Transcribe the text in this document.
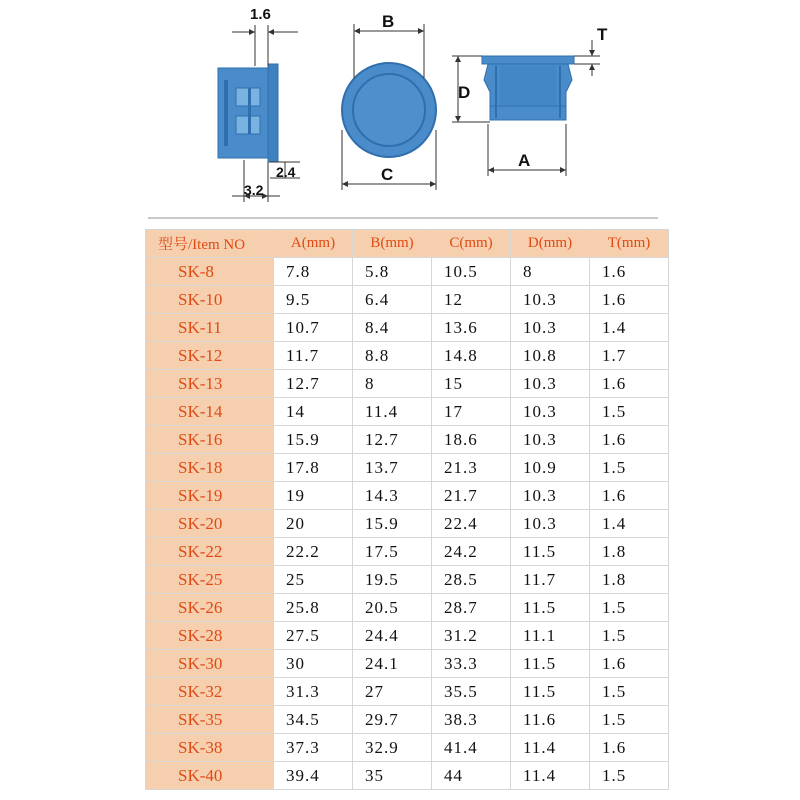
1.6
2.4
3.2
B
C
T
D
A
型号/Item NO	A(mm)	B(mm)	C(mm)	D(mm)	T(mm)
SK-8	7.8	5.8	10.5	8	1.6
SK-10	9.5	6.4	12	10.3	1.6
SK-11	10.7	8.4	13.6	10.3	1.4
SK-12	11.7	8.8	14.8	10.8	1.7
SK-13	12.7	8	15	10.3	1.6
SK-14	14	11.4	17	10.3	1.5
SK-16	15.9	12.7	18.6	10.3	1.6
SK-18	17.8	13.7	21.3	10.9	1.5
SK-19	19	14.3	21.7	10.3	1.6
SK-20	20	15.9	22.4	10.3	1.4
SK-22	22.2	17.5	24.2	11.5	1.8
SK-25	25	19.5	28.5	11.7	1.8
SK-26	25.8	20.5	28.7	11.5	1.5
SK-28	27.5	24.4	31.2	11.1	1.5
SK-30	30	24.1	33.3	11.5	1.6
SK-32	31.3	27	35.5	11.5	1.5
SK-35	34.5	29.7	38.3	11.6	1.5
SK-38	37.3	32.9	41.4	11.4	1.6
SK-40	39.4	35	44	11.4	1.5
